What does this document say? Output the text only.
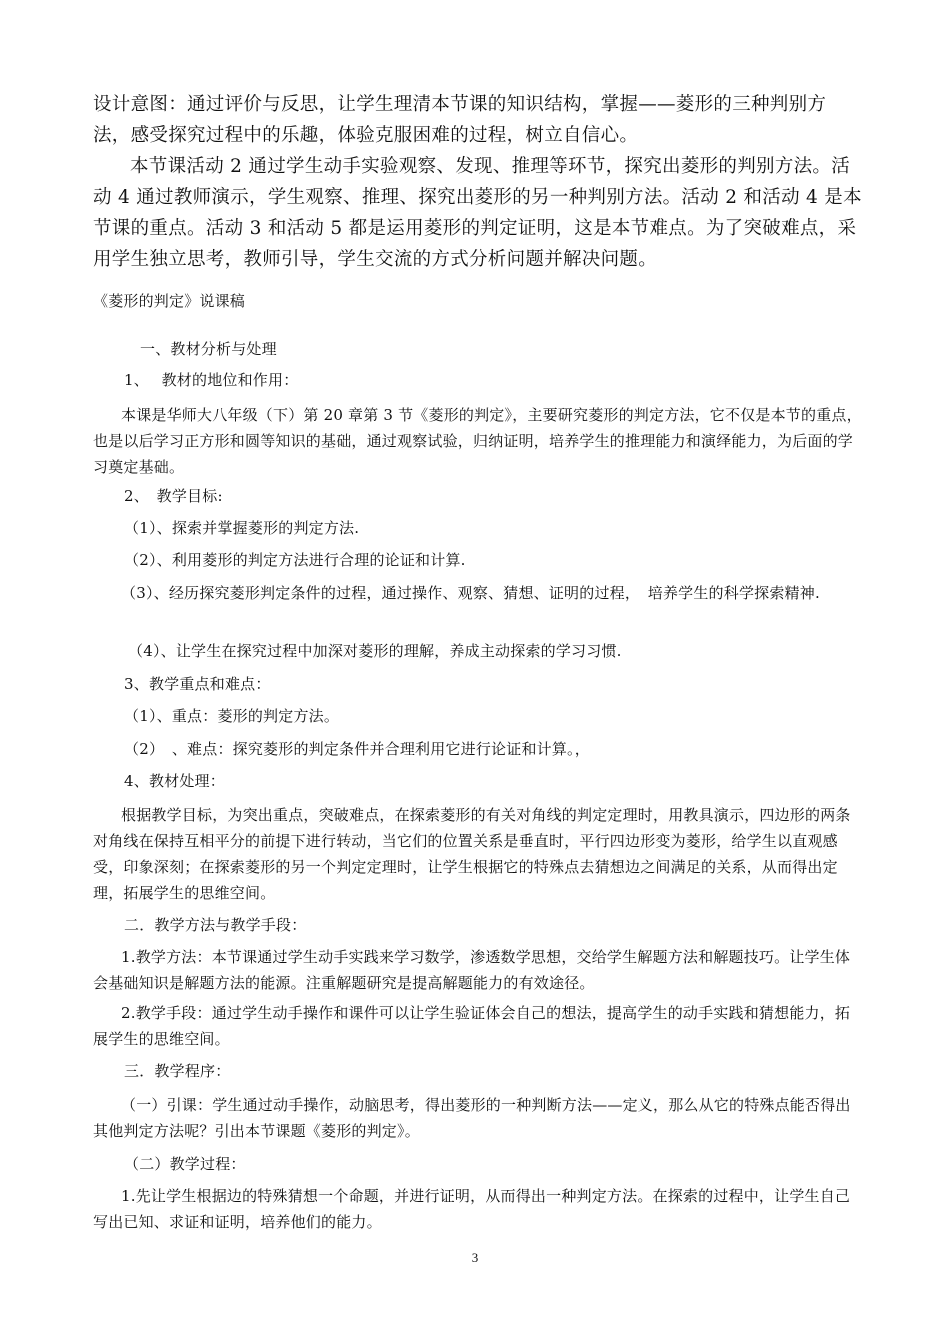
设计意图：通过评价与反思，让学生理清本节课的知识结构，掌握——菱形的三种判别方法，感受探究过程中的乐趣，体验克服困难的过程，树立自信心。

本节课活动 2 通过学生动手实验观察、发现、推理等环节，探究出菱形的判别方法。活动 4 通过教师演示，学生观察、推理、探究出菱形的另一种判别方法。活动 2 和活动 4 是本节课的重点。活动 3 和活动 5 都是运用菱形的判定证明，这是本节难点。为了突破难点，采用学生独立思考，教师引导，学生交流的方式分析问题并解决问题。

《菱形的判定》说课稿

一、教材分析与处理

1、　 教材的地位和作用：

本课是华师大八年级（下）第 20 章第 3 节《菱形的判定》，主要研究菱形的判定方法，它不仅是本节的重点，也是以后学习正方形和圆等知识的基础，通过观察试验，归纳证明，培养学生的推理能力和演绎能力，为后面的学习奠定基础。

2、　教学目标:

（1）、探索并掌握菱形的判定方法.

（2）、利用菱形的判定方法进行合理的论证和计算.

（3）、经历探究菱形判定条件的过程，通过操作、观察、猜想、证明的过程，　培养学生的科学探索精神.

（4）、让学生在探究过程中加深对菱形的理解，养成主动探索的学习习惯.

3、教学重点和难点：

（1）、重点：菱形的判定方法。

（2）　、难点：探究菱形的判定条件并合理利用它进行论证和计算。，

4、教材处理：

根据教学目标，为突出重点，突破难点，在探索菱形的有关对角线的判定定理时，用教具演示，四边形的两条对角线在保持互相平分的前提下进行转动，当它们的位置关系是垂直时，平行四边形变为菱形，给学生以直观感受，印象深刻；在探索菱形的另一个判定定理时，让学生根据它的特殊点去猜想边之间满足的关系，从而得出定理，拓展学生的思维空间。

二．教学方法与教学手段：

1.教学方法：本节课通过学生动手实践来学习数学，渗透数学思想，交给学生解题方法和解题技巧。让学生体会基础知识是解题方法的能源。注重解题研究是提高解题能力的有效途径。

2.教学手段：通过学生动手操作和课件可以让学生验证体会自己的想法，提高学生的动手实践和猜想能力，拓展学生的思维空间。

三．教学程序：

（一）引课：学生通过动手操作，动脑思考，得出菱形的一种判断方法——定义，那么从它的特殊点能否得出其他判定方法呢？引出本节课题《菱形的判定》。

（二）教学过程：

1.先让学生根据边的特殊猜想一个命题，并进行证明，从而得出一种判定方法。在探索的过程中，让学生自己写出已知、求证和证明，培养他们的能力。

3
